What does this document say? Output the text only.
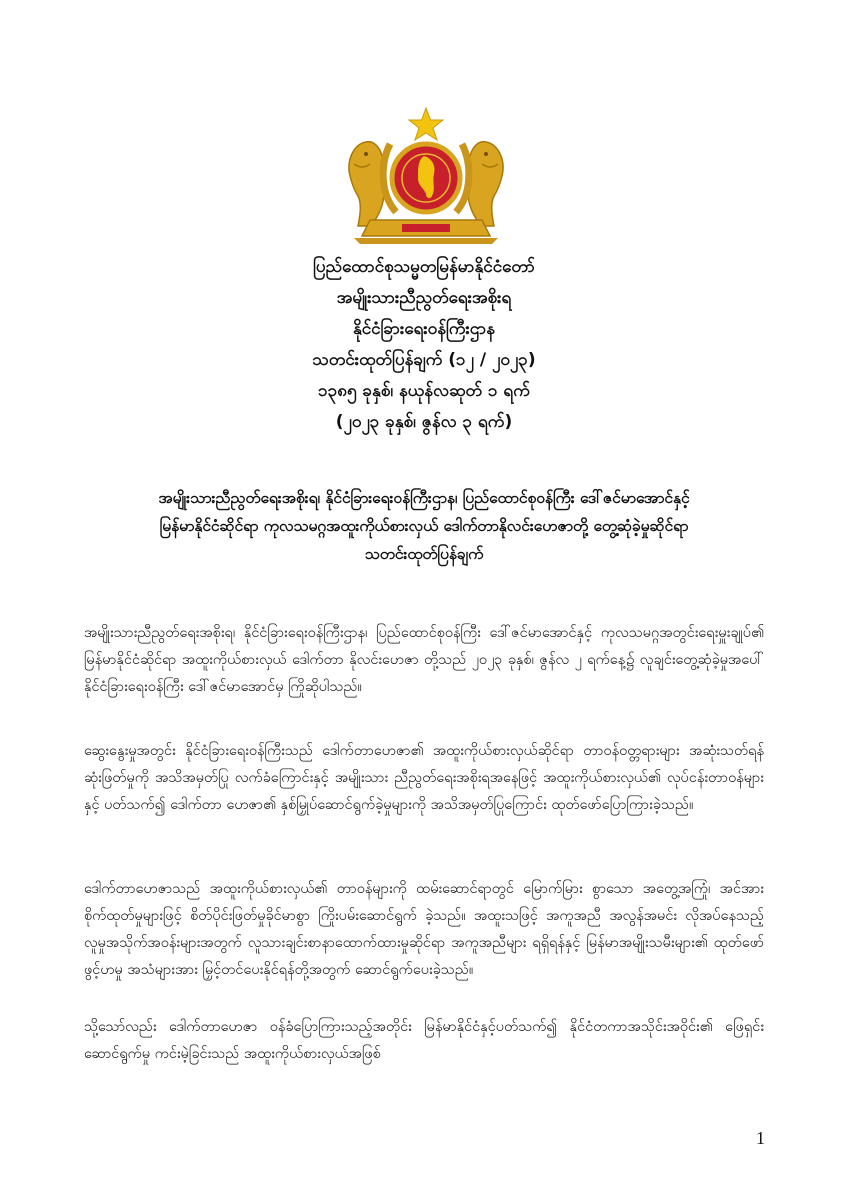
ပြည်ထောင်စုသမ္မတမြန်မာနိုင်ငံတော်
အမျိုးသားညီညွတ်ရေးအစိုးရ
နိုင်ငံခြားရေးဝန်ကြီးဌာန
သတင်းထုတ်ပြန်ချက် (၁၂ / ၂၀၂၃)
၁၃၈၅ ခုနှစ်၊ နယုန်လဆုတ် ၁ ရက်
(၂၀၂၃ ခုနှစ်၊ ဇွန်လ ၃ ရက်)
အမျိုးသားညီညွတ်ရေးအစိုးရ၊ နိုင်ငံခြားရေးဝန်ကြီးဌာန၊ ပြည်ထောင်စုဝန်ကြီး ဒေါ်ဇင်မာအောင်နှင့်
မြန်မာနိုင်ငံဆိုင်ရာ ကုလသမဂ္ဂအထူးကိုယ်စားလှယ် ဒေါက်တာနိုလင်းဟေဇာတို့ တွေ့ဆုံခဲ့မှုဆိုင်ရာ
သတင်းထုတ်ပြန်ချက်

အမျိုးသားညီညွတ်ရေးအစိုးရ၊ နိုင်ငံခြားရေးဝန်ကြီးဌာန၊ ပြည်ထောင်စုဝန်ကြီး ဒေါ်ဇင်မာအောင်နှင့် ကုလသမဂ္ဂအတွင်းရေးမှူးချုပ်၏ မြန်မာနိုင်ငံဆိုင်ရာ အထူးကိုယ်စားလှယ် ဒေါက်တာ နိုလင်းဟေဇာ တို့သည် ၂၀၂၃ ခုနှစ်၊ ဇွန်လ ၂ ရက်နေ့၌ လူချင်းတွေ့ဆုံခဲ့မှုအပေါ် နိုင်ငံခြားရေးဝန်ကြီး ဒေါ်ဇင်မာအောင်မှ ကြိုဆိုပါသည်။

ဆွေးနွေးမှုအတွင်း နိုင်ငံခြားရေးဝန်ကြီးသည် ဒေါက်တာဟေဇာ၏ အထူးကိုယ်စားလှယ်ဆိုင်ရာ တာဝန်ဝတ္တရားများ အဆုံးသတ်ရန် ဆုံးဖြတ်မှုကို အသိအမှတ်ပြု လက်ခံကြောင်းနှင့် အမျိုးသား ညီညွတ်ရေးအစိုးရအနေဖြင့် အထူးကိုယ်စားလှယ်၏ လုပ်ငန်းတာဝန်များနှင့် ပတ်သက်၍ ဒေါက်တာ ဟေဇာ၏ နှစ်မြှုပ်ဆောင်ရွက်ခဲ့မှုများကို အသိအမှတ်ပြုကြောင်း ထုတ်ဖော်ပြောကြားခဲ့သည်။

ဒေါက်တာဟေဇာသည် အထူးကိုယ်စားလှယ်၏ တာဝန်များကို ထမ်းဆောင်ရာတွင် မြောက်မြား စွာသော အတွေ့အကြုံ၊ အင်အားစိုက်ထုတ်မှုများဖြင့် စိတ်ပိုင်းဖြတ်မှုခိုင်မာစွာ ကြိုးပမ်းဆောင်ရွက် ခဲ့သည်။ အထူးသဖြင့် အကူအညီ အလွန်အမင်း လိုအပ်နေသည့် လူမှုအသိုက်အဝန်းများအတွက် လူသားချင်းစာနာထောက်ထားမှုဆိုင်ရာ အကူအညီများ ရရှိရန်နှင့် မြန်မာအမျိုးသမီးများ၏ ထုတ်ဖော်ဖွင့်ဟမှု အသံများအား မြှင့်တင်ပေးနိုင်ရန်တို့အတွက် ဆောင်ရွက်ပေးခဲ့သည်။

သို့သော်လည်း ဒေါက်တာဟေဇာ ဝန်ခံပြောကြားသည့်အတိုင်း မြန်မာနိုင်ငံနှင့်ပတ်သက်၍ နိုင်ငံတကာအသိုင်းအဝိုင်း၏ ဖြေရှင်းဆောင်ရွက်မှု ကင်းမဲ့ခြင်းသည် အထူးကိုယ်စားလှယ်အဖြစ်

1
